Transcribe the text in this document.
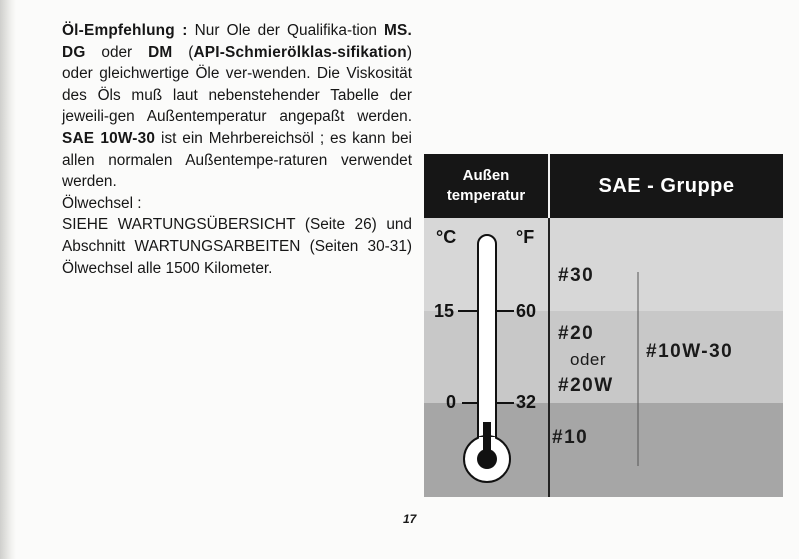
Öl-Empfehlung : Nur Ole der Qualifika-tion MS. DG oder DM (API-Schmierölklas-sifikation) oder gleichwertige Öle ver-wenden. Die Viskosität des Öls muß laut nebenstehender Tabelle der jeweili-gen Außentemperatur angepaßt werden. SAE 10W-30 ist ein Mehrbereichsöl ; es kann bei allen normalen Außentempe-raturen verwendet werden.

Ölwechsel :

SIEHE WARTUNGSÜBERSICHT (Seite 26) und Abschnitt WARTUNGSARBEITEN (Seiten 30-31) Ölwechsel alle 1500 Kilometer.

17
Außen
temperatur	SAE - Gruppe
°C	°F
15	60
0	32
#30
#20
oder
#20W
#10
#10W-30
